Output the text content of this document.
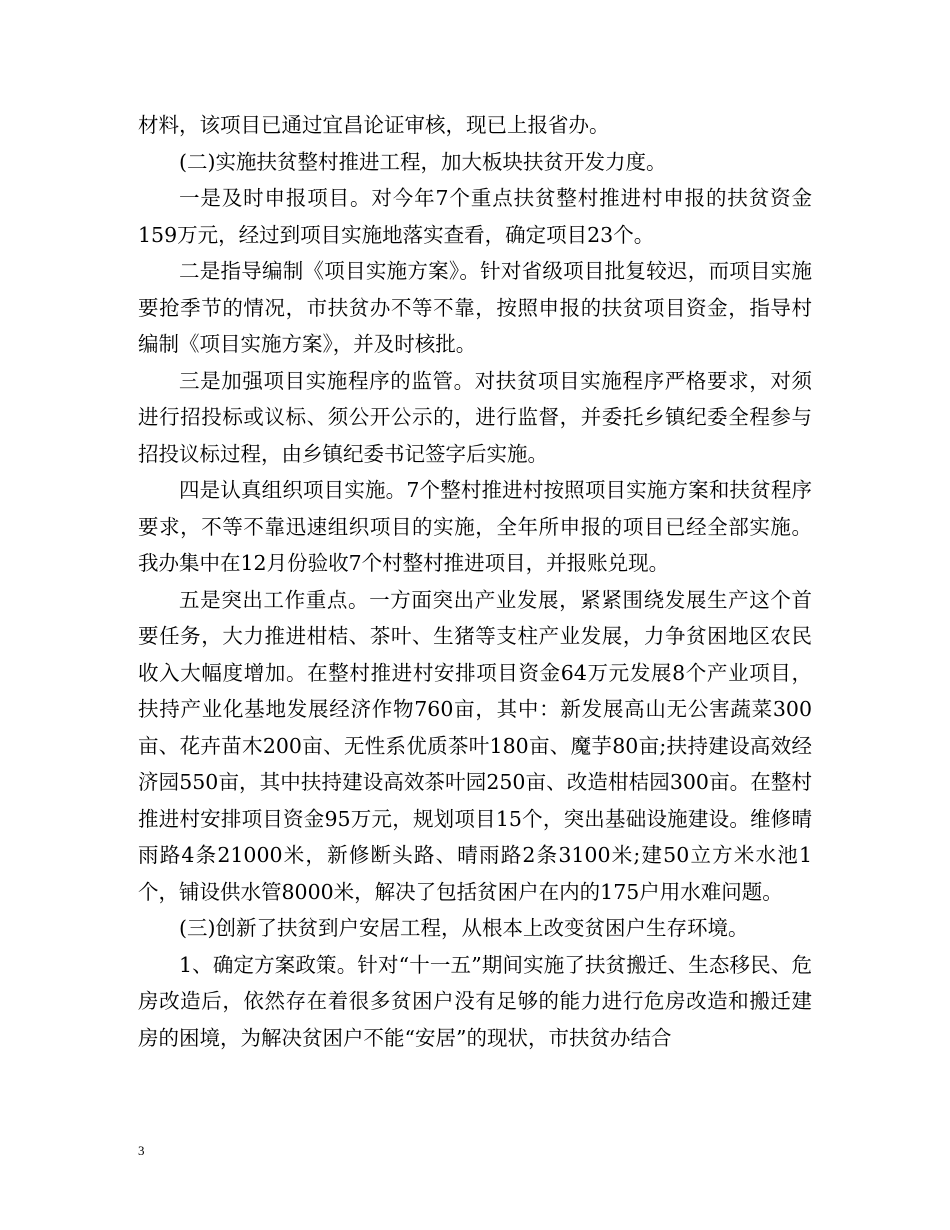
材料，该项目已通过宜昌论证审核，现已上报省办。

(二)实施扶贫整村推进工程，加大板块扶贫开发力度。

一是及时申报项目。对今年7个重点扶贫整村推进村申报的扶贫资金159万元，经过到项目实施地落实查看，确定项目23个。

二是指导编制《项目实施方案》。针对省级项目批复较迟，而项目实施要抢季节的情况，市扶贫办不等不靠，按照申报的扶贫项目资金，指导村编制《项目实施方案》，并及时核批。

三是加强项目实施程序的监管。对扶贫项目实施程序严格要求，对须进行招投标或议标、须公开公示的，进行监督，并委托乡镇纪委全程参与招投议标过程，由乡镇纪委书记签字后实施。

四是认真组织项目实施。7个整村推进村按照项目实施方案和扶贫程序要求，不等不靠迅速组织项目的实施，全年所申报的项目已经全部实施。我办集中在12月份验收7个村整村推进项目，并报账兑现。

五是突出工作重点。一方面突出产业发展，紧紧围绕发展生产这个首要任务，大力推进柑桔、茶叶、生猪等支柱产业发展，力争贫困地区农民收入大幅度增加。在整村推进村安排项目资金64万元发展8个产业项目，扶持产业化基地发展经济作物760亩，其中：新发展高山无公害蔬菜300亩、花卉苗木200亩、无性系优质茶叶180亩、魔芋80亩;扶持建设高效经济园550亩，其中扶持建设高效茶叶园250亩、改造柑桔园300亩。在整村推进村安排项目资金95万元，规划项目15个，突出基础设施建设。维修晴雨路4条21000米，新修断头路、晴雨路2条3100米;建50立方米水池1个，铺设供水管8000米，解决了包括贫困户在内的175户用水难问题。

(三)创新了扶贫到户安居工程，从根本上改变贫困户生存环境。

1、确定方案政策。针对“十一五”期间实施了扶贫搬迁、生态移民、危房改造后，依然存在着很多贫困户没有足够的能力进行危房改造和搬迁建房的困境，为解决贫困户不能“安居”的现状，市扶贫办结合

3
